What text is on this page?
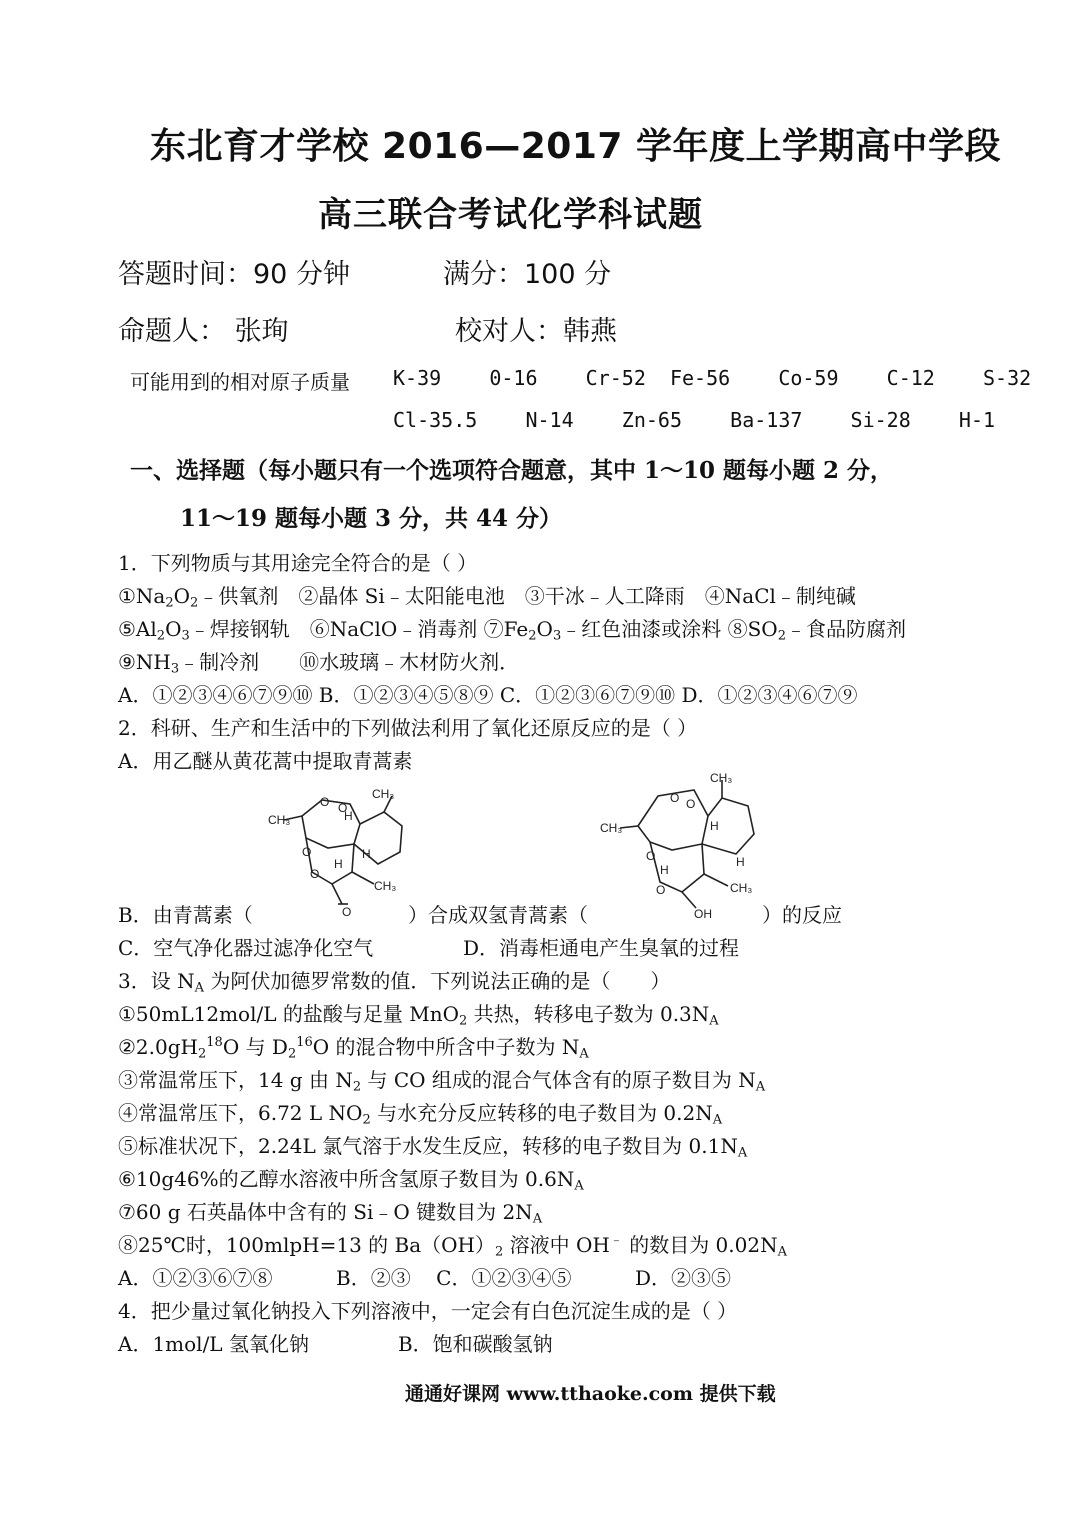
东北育才学校 2016—2017 学年度上学期高中学段
高三联合考试化学科试题
答题时间：90 分钟	满分：100 分
命题人： 张珣	校对人：韩燕
可能用到的相对原子质量 K-39    0-16    Cr-52  Fe-56    Co-59    C-12    S-32
Cl-35.5    N-14    Zn-65    Ba-137    Si-28    H-1
一、选择题（每小题只有一个选项符合题意，其中 1～10 题每小题 2 分，
11～19 题每小题 3 分，共 44 分）
1．下列物质与其用途完全符合的是（ ）
$①Na_2O_2﹣$供氧剂　②晶体 Si﹣太阳能电池　③干冰﹣人工降雨　④NaCl﹣制纯碱
$⑤Al_2O_3﹣$焊接钢轨　⑥NaClO﹣消毒剂 $⑦Fe_2O_3﹣$红色油漆或涂料 $⑧SO_2﹣$食品防腐剂
$⑨NH_3﹣$制冷剂　　⑩水玻璃﹣木材防火剂．
A．①②③④⑥⑦⑨⑩ B．①②③④⑤⑧⑨ C．①②③⑥⑦⑨⑩ D．①②③④⑥⑦⑨
2．科研、生产和生活中的下列做法利用了氧化还原反应的是（ ）
A．用乙醚从黄花蒿中提取青蒿素
CH₃
O O
O
O
O
CH₃
H
H
H
CH₃
CH₃
O O
O
O
CH₃
H
H
H
CH₃
OH
B．由青蒿素（	）合成双氢青蒿素（	）的反应
C．空气净化器过滤净化空气	D．消毒柜通电产生臭氧的过程
3．设 $N_A$ 为阿伏加德罗常数的值．下列说法正确的是（　　）
①50mL12mol/L 的盐酸与足量 MnO$_2$ 共热，转移电子数为 $0.3N_A$
$②2.0gH_2^{18}O$ 与 $D_2^{16}O$ 的混合物中所含中子数为 $N_A$
③常温常压下，14 g 由 $N_2$ 与 CO 组成的混合气体含有的原子数目为 $N_A$
④常温常压下，6.72 L $NO_2$ 与水充分反应转移的电子数目为 $0.2N_A$
⑤标准状况下，2.24L 氯气溶于水发生反应，转移的电子数目为 $0.1N_A$
⑥10g46%的乙醇水溶液中所含氢原子数目为 $0.6N_A$
⑦60 g 石英晶体中含有的 Si﹣O 键数目为 $2N_A$
⑧25℃时，100mlpH=13 的 $Ba(OH)_2$ 溶液中 OH﹣ 的数目为 $0.02N_A$
A．①②③⑥⑦⑧          B．②③    C．①②③④⑤          D．②③⑤
4．把少量过氧化钠投入下列溶液中，一定会有白色沉淀生成的是（ ）
A．1mol/L 氢氧化钠              B．饱和碳酸氢钠
通通好课网 www.tthaoke.com 提供下载
